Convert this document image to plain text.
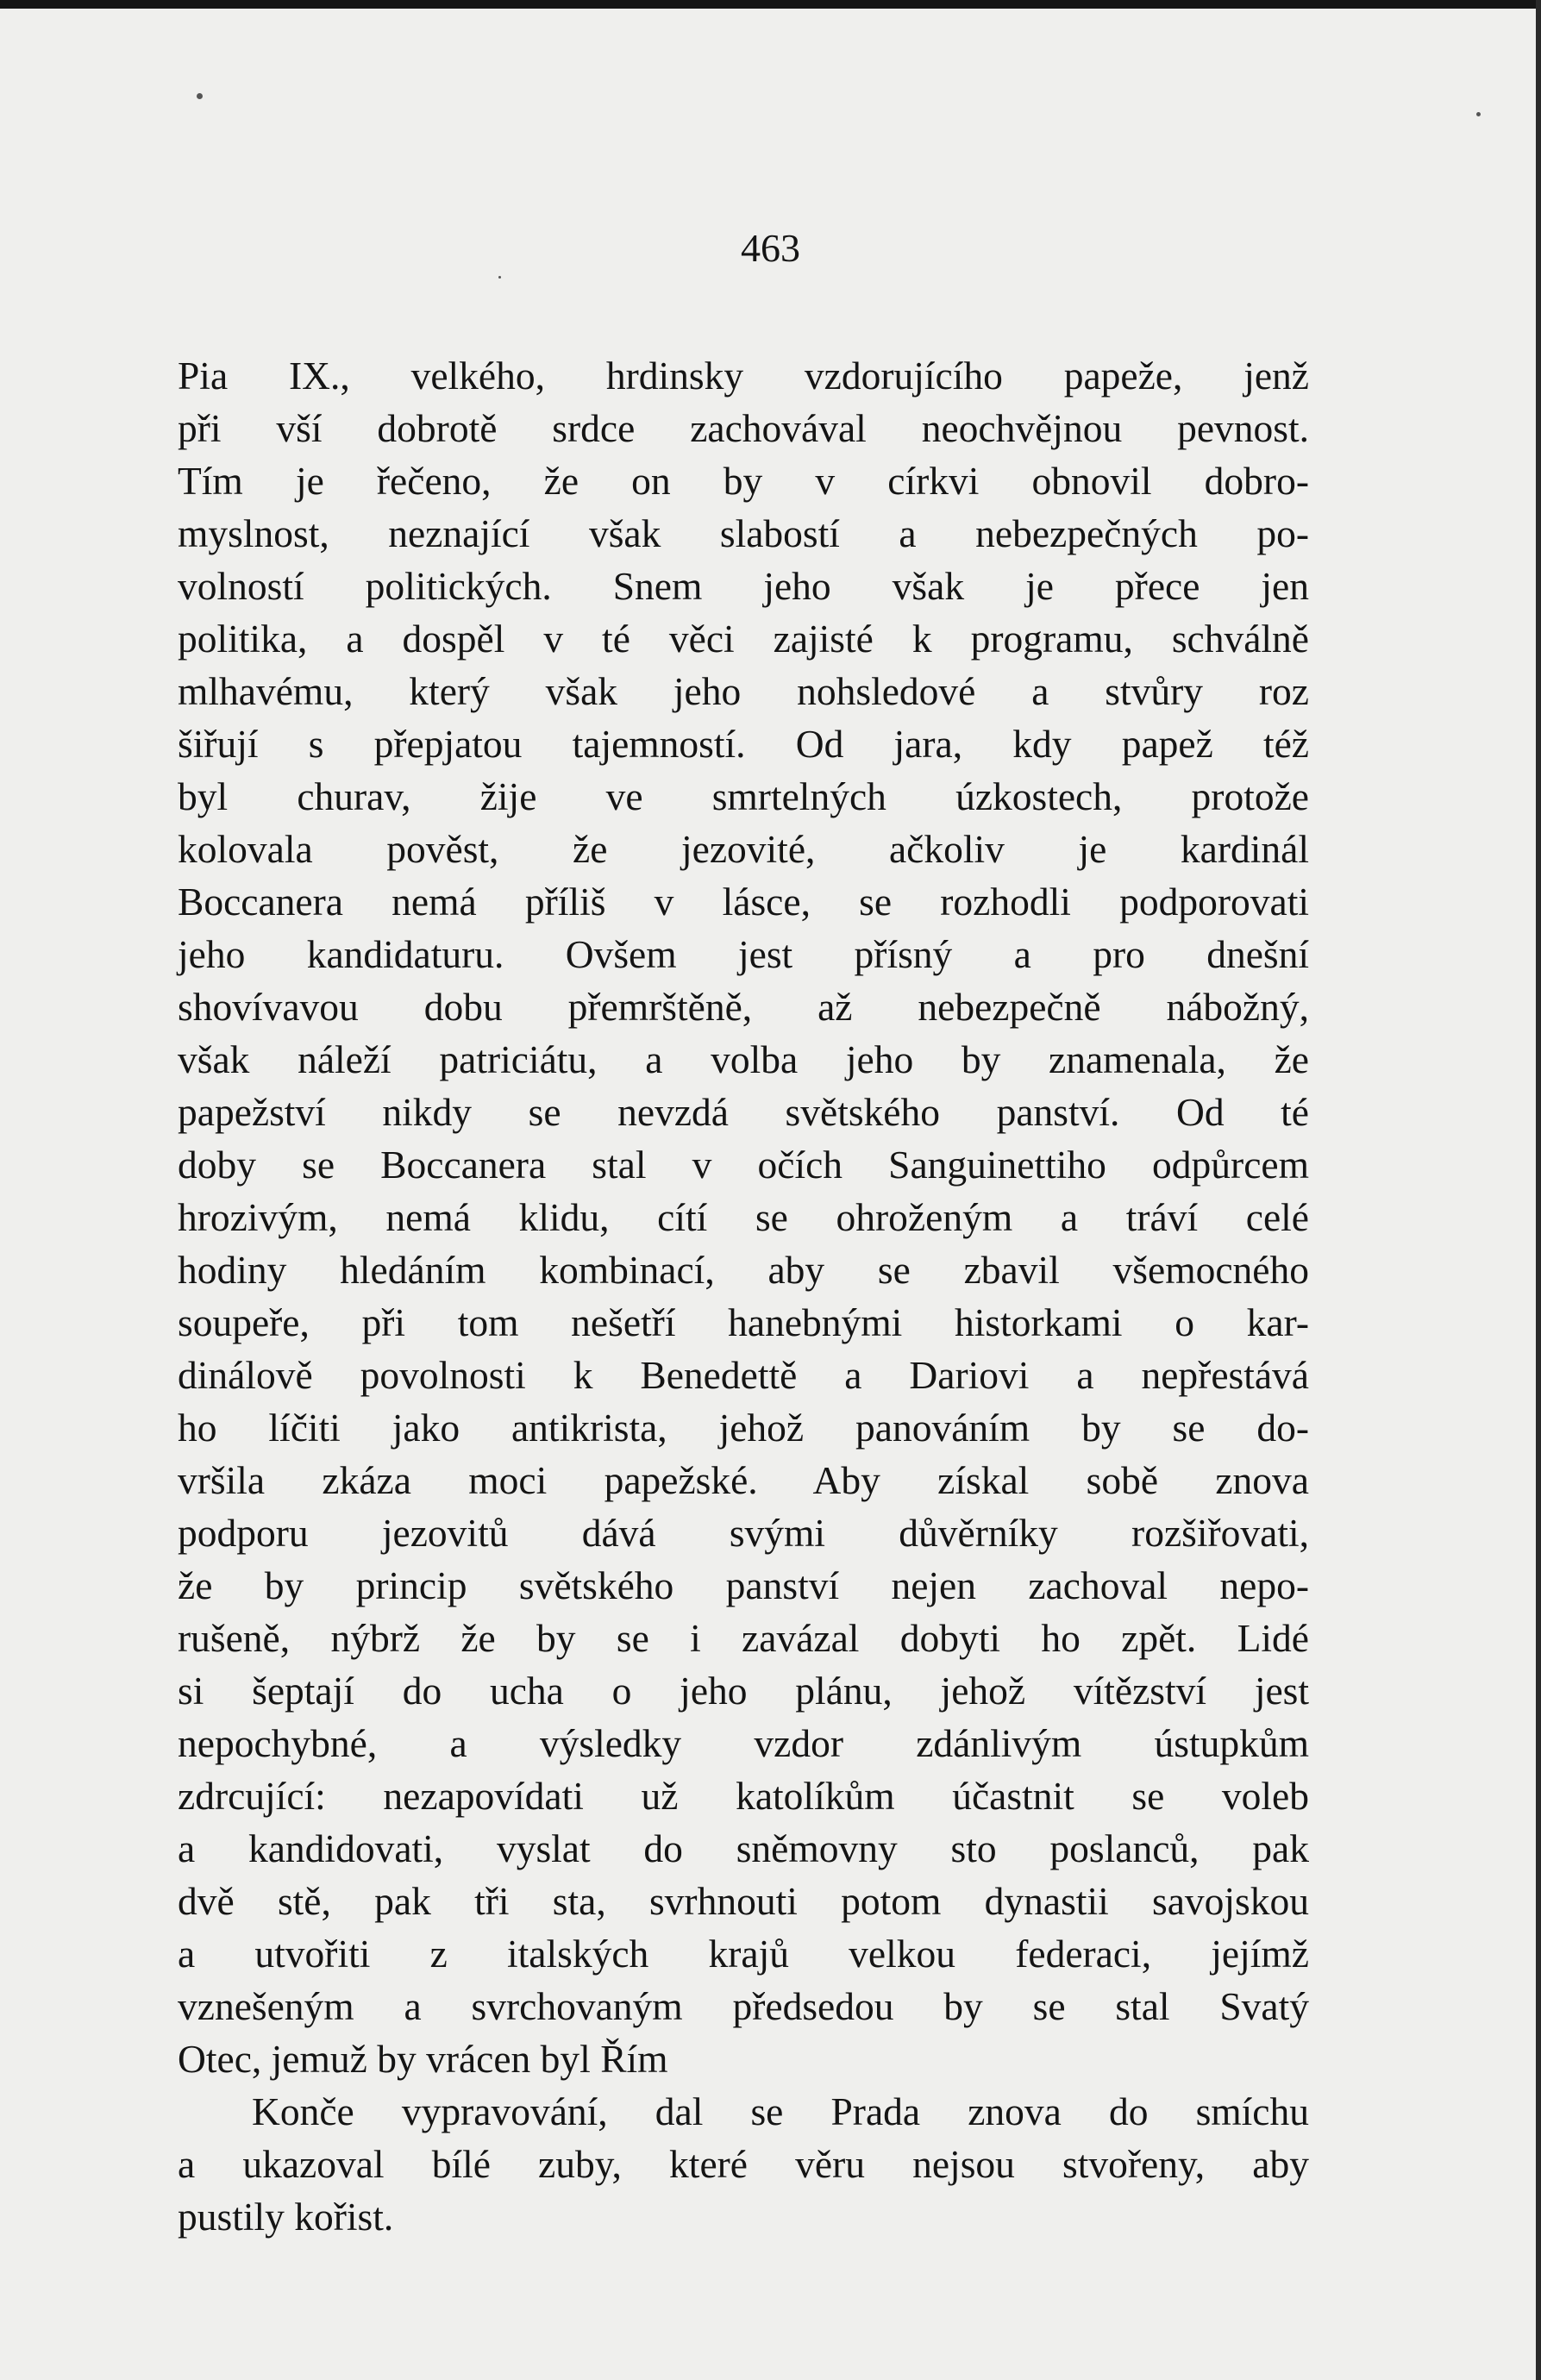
463
Pia IX., velkého, hrdinsky vzdorujícího papeže, jenž
při vší dobrotě srdce zachovával neochvějnou pevnost.
Tím je řečeno, že on by v církvi obnovil dobro-
myslnost, neznající však slabostí a nebezpečných po-
volností politických. Snem jeho však je přece jen
politika, a dospěl v té věci zajisté k programu, schválně
mlhavému, který však jeho nohsledové a stvůry roz
šiřují s přepjatou tajemností. Od jara, kdy papež též
byl churav, žije ve smrtelných úzkostech, protože
kolovala pověst, že jezovité, ačkoliv je kardinál
Boccanera nemá příliš v lásce, se rozhodli podporovati
jeho kandidaturu. Ovšem jest přísný a pro dnešní
shovívavou dobu přemrštěně, až nebezpečně nábožný,
však náleží patriciátu, a volba jeho by znamenala, že
papežství nikdy se nevzdá světského panství. Od té
doby se Boccanera stal v očích Sanguinettiho odpůrcem
hrozivým, nemá klidu, cítí se ohroženým a tráví celé
hodiny hledáním kombinací, aby se zbavil všemocného
soupeře, při tom nešetří hanebnými historkami o kar-
dinálově povolnosti k Benedettě a Dariovi a nepřestává
ho líčiti jako antikrista, jehož panováním by se do-
vršila zkáza moci papežské. Aby získal sobě znova
podporu jezovitů dává svými důvěrníky rozšiřovati,
že by princip světského panství nejen zachoval nepo-
rušeně, nýbrž že by se i zavázal dobyti ho zpět. Lidé
si šeptají do ucha o jeho plánu, jehož vítězství jest
nepochybné, a výsledky vzdor zdánlivým ústupkům
zdrcující: nezapovídati už katolíkům účastnit se voleb
a kandidovati, vyslat do sněmovny sto poslanců, pak
dvě stě, pak tři sta, svrhnouti potom dynastii savojskou
a utvořiti z italských krajů velkou federaci, jejímž
vznešeným a svrchovaným předsedou by se stal Svatý
Otec, jemuž by vrácen byl Řím
Konče vypravování, dal se Prada znova do smíchu
a ukazoval bílé zuby, které věru nejsou stvořeny, aby
pustily kořist.
